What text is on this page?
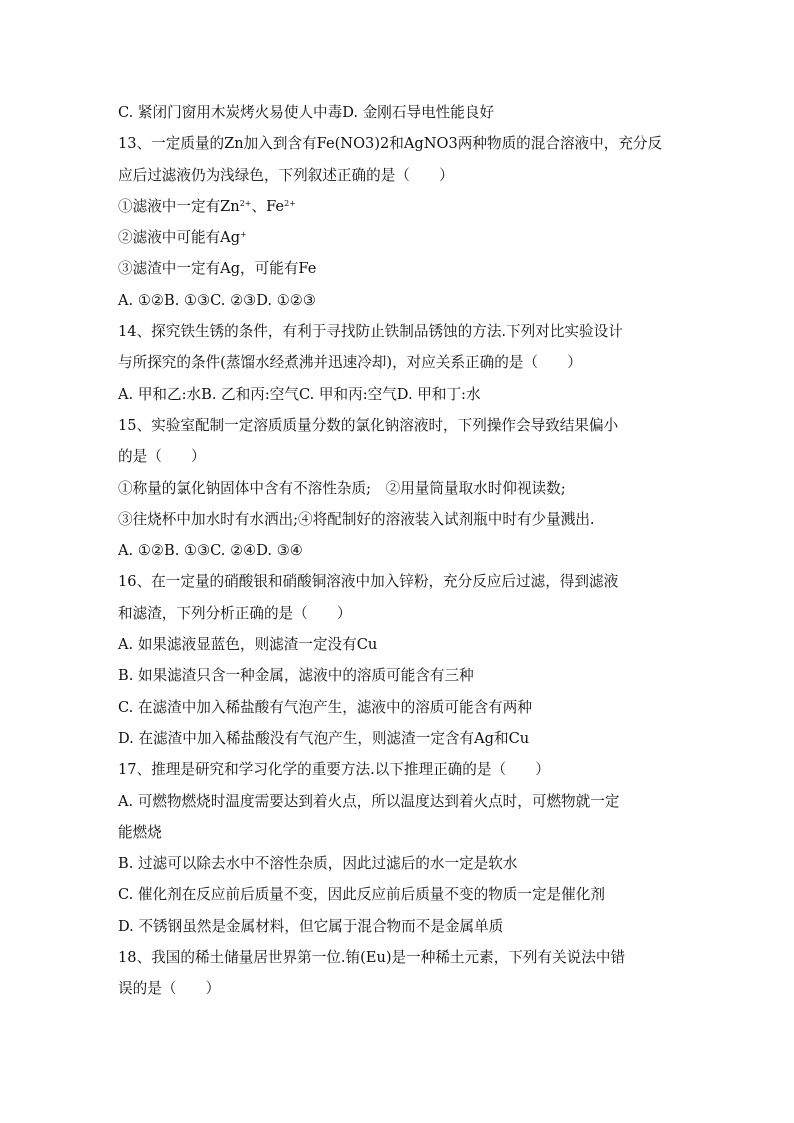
C. 紧闭门窗用木炭烤火易使人中毒D. 金刚石导电性能良好
13、一定质量的Zn加入到含有Fe(NO3)2和AgNO3两种物质的混合溶液中，充分反
应后过滤液仍为浅绿色，下列叙述正确的是（　　）
①滤液中一定有$Zn^{2+}$、$Fe^{2+}$
②滤液中可能有Ag+
③滤渣中一定有Ag，可能有Fe
A. ①②B. ①③C. ②③D. ①②③
14、探究铁生锈的条件，有利于寻找防止铁制品锈蚀的方法.下列对比实验设计
与所探究的条件(蒸馏水经煮沸并迅速冷却)，对应关系正确的是（　　）
A. 甲和乙:水B. 乙和丙:空气C. 甲和丙:空气D. 甲和丁:水
15、实验室配制一定溶质质量分数的氯化钠溶液时，下列操作会导致结果偏小
的是（　　）
①称量的氯化钠固体中含有不溶性杂质;　②用量筒量取水时仰视读数;
③往烧杯中加水时有水洒出;④将配制好的溶液装入试剂瓶中时有少量溅出.
A. ①②B. ①③C. ②④D. ③④
16、在一定量的硝酸银和硝酸铜溶液中加入锌粉，充分反应后过滤，得到滤液
和滤渣，下列分析正确的是（　　）
A. 如果滤液显蓝色，则滤渣一定没有Cu
B. 如果滤渣只含一种金属，滤液中的溶质可能含有三种
C. 在滤渣中加入稀盐酸有气泡产生，滤液中的溶质可能含有两种
D. 在滤渣中加入稀盐酸没有气泡产生，则滤渣一定含有Ag和Cu
17、推理是研究和学习化学的重要方法.以下推理正确的是（　　）
A. 可燃物燃烧时温度需要达到着火点，所以温度达到着火点时，可燃物就一定
能燃烧
B. 过滤可以除去水中不溶性杂质，因此过滤后的水一定是软水
C. 催化剂在反应前后质量不变，因此反应前后质量不变的物质一定是催化剂
D. 不锈钢虽然是金属材料，但它属于混合物而不是金属单质
18、我国的稀土储量居世界第一位.铕(Eu)是一种稀土元素，下列有关说法中错
误的是（　　）
